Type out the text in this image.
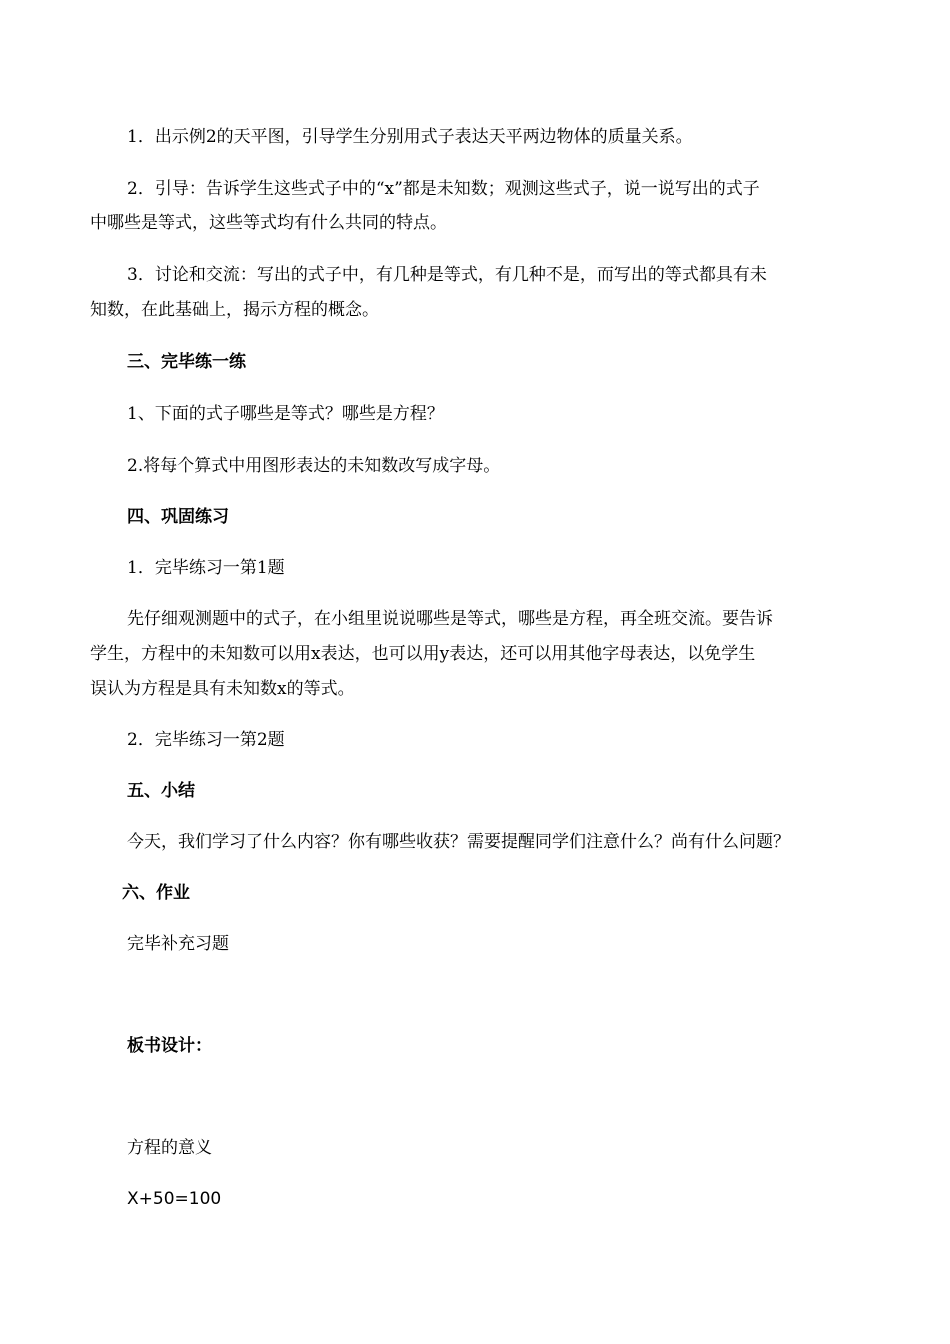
1．出示例2的天平图，引导学生分别用式子表达天平两边物体的质量关系。
2．引导：告诉学生这些式子中的“x”都是未知数；观测这些式子，说一说写出的式子
中哪些是等式，这些等式均有什么共同的特点。
3．讨论和交流：写出的式子中，有几种是等式，有几种不是，而写出的等式都具有未
知数，在此基础上，揭示方程的概念。
三、完毕练一练
1、下面的式子哪些是等式？哪些是方程？
2.将每个算式中用图形表达的未知数改写成字母。
四、巩固练习
1．完毕练习一第1题
先仔细观测题中的式子，在小组里说说哪些是等式，哪些是方程，再全班交流。要告诉
学生，方程中的未知数可以用x表达，也可以用y表达，还可以用其他字母表达，以免学生
误认为方程是具有未知数x的等式。
2．完毕练习一第2题
五、小结
今天，我们学习了什么内容？你有哪些收获？需要提醒同学们注意什么？尚有什么问题？
六、作业
完毕补充习题
板书设计：
方程的意义
X+50=100
